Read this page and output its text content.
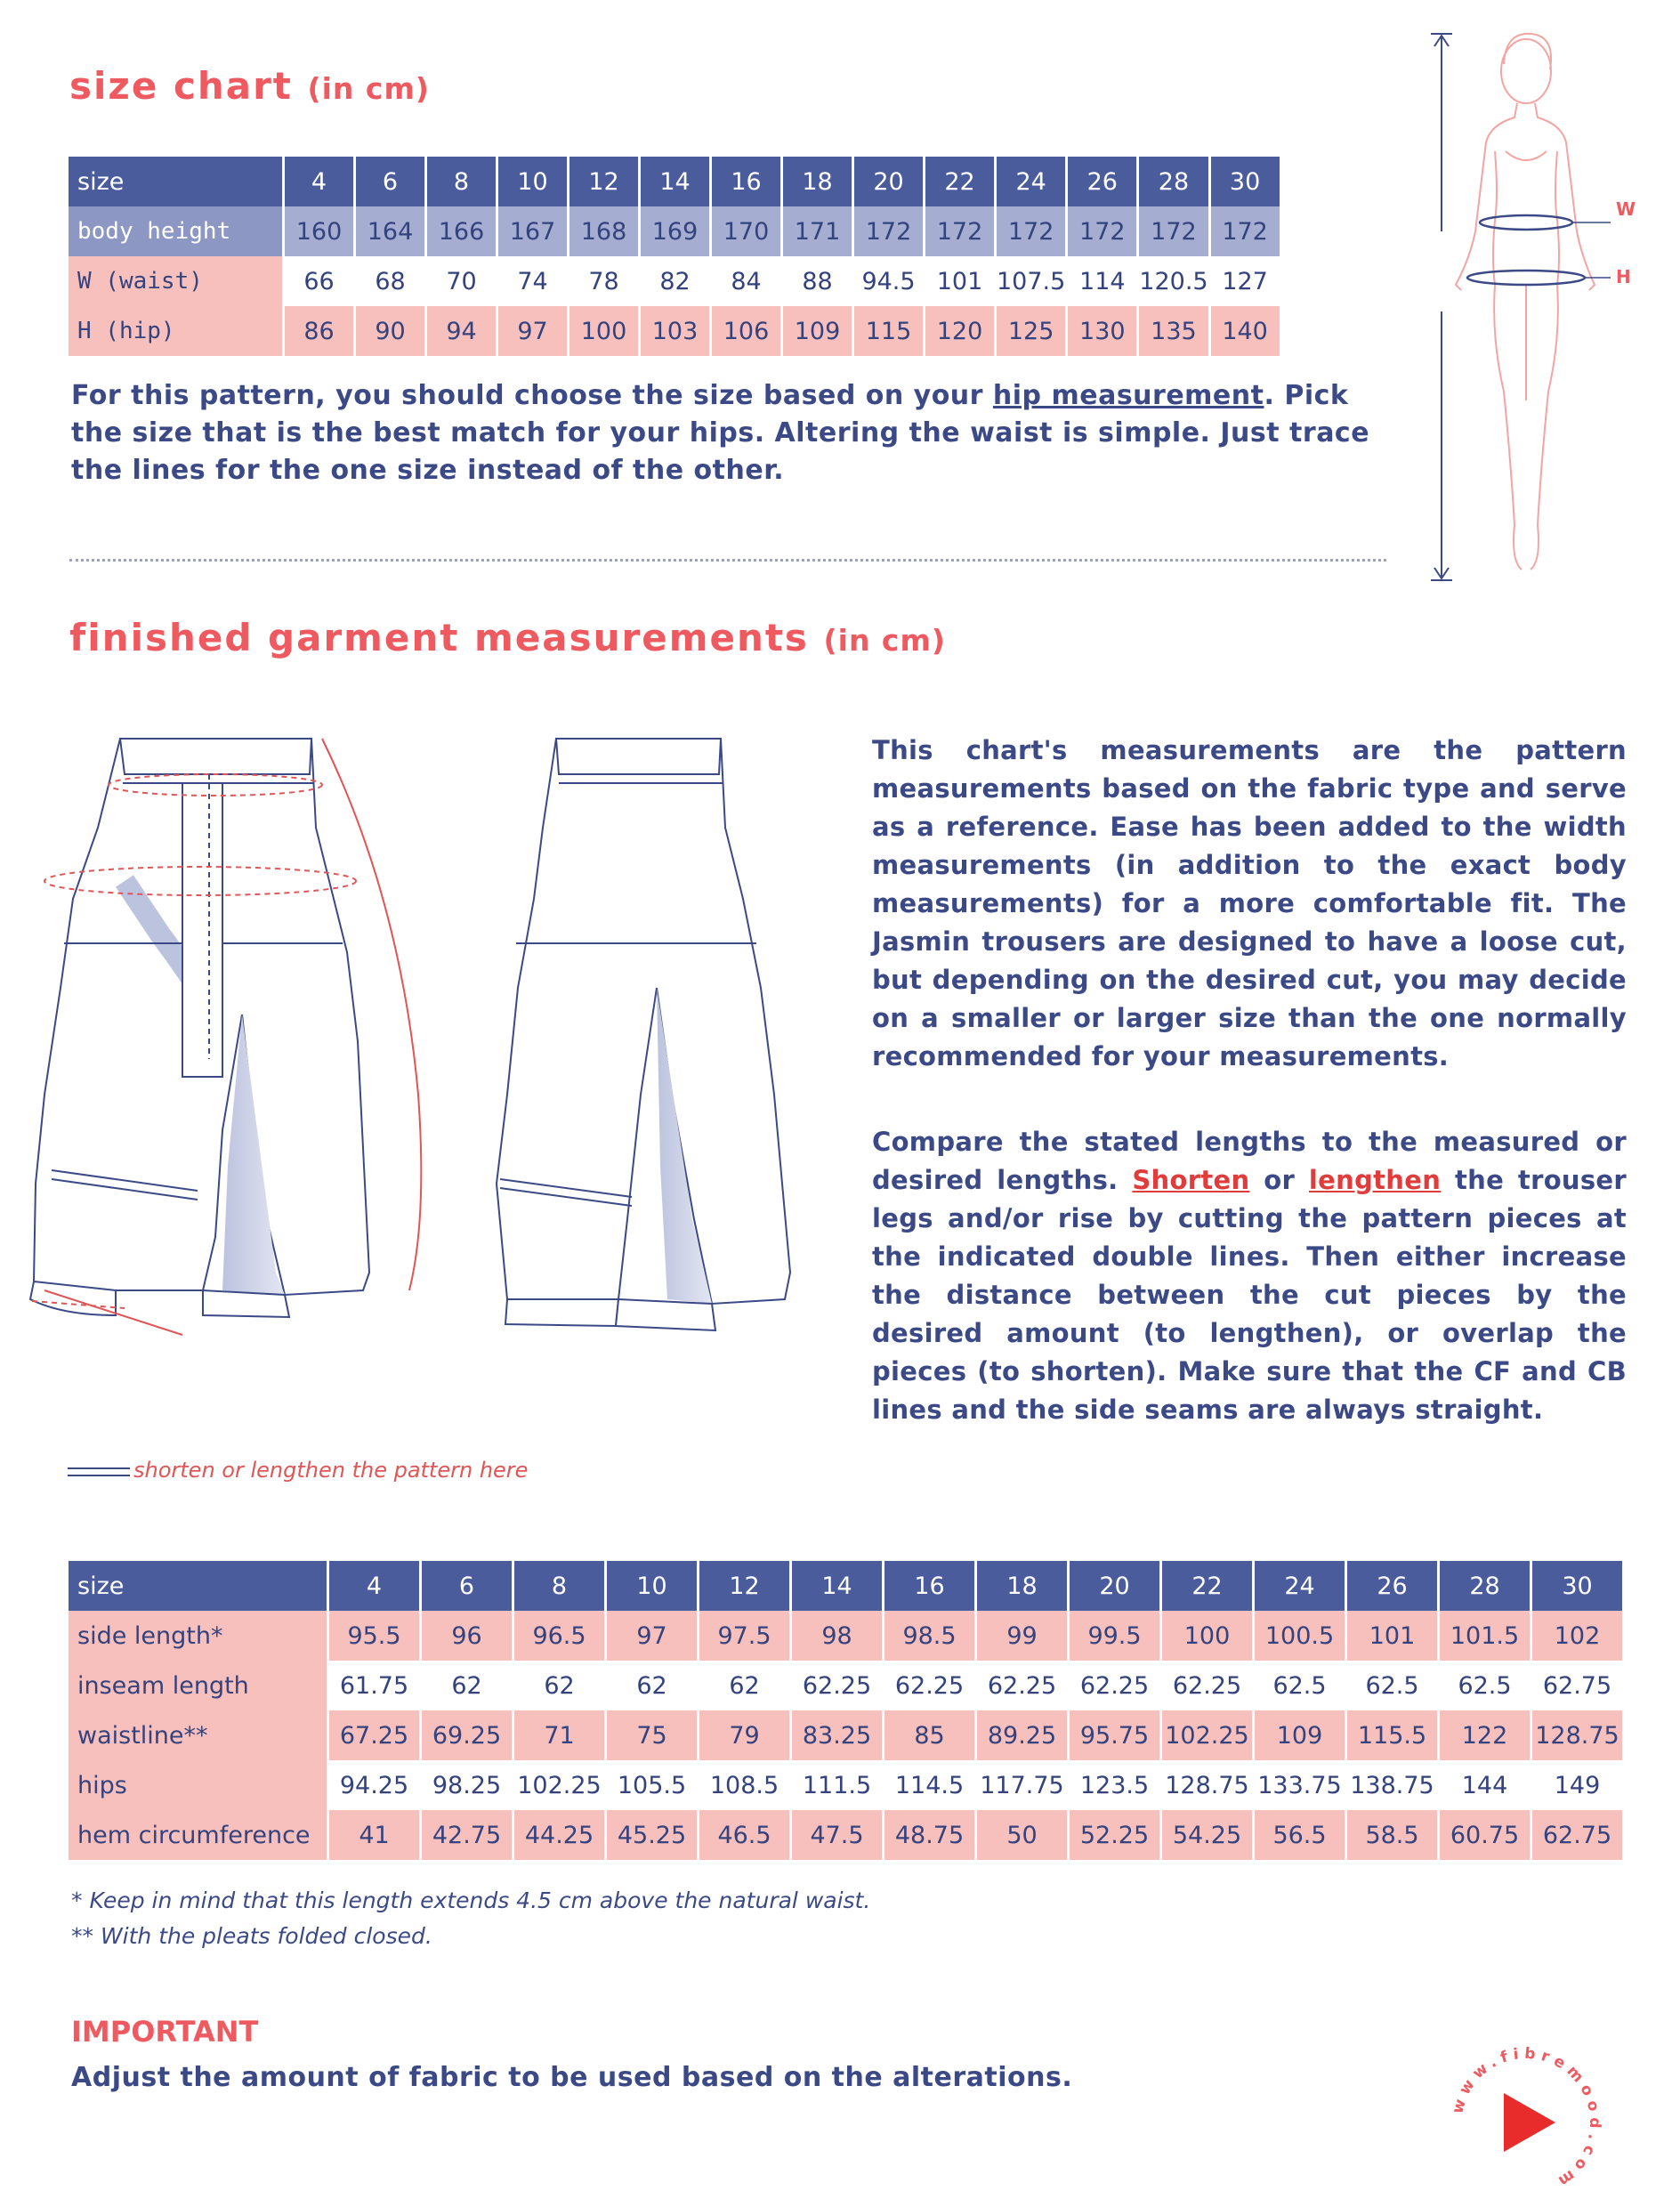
size chart (in cm)
size	4	6	8	10	12	14	16	18	20	22	24	26	28	30
body height	160	164	166	167	168	169	170	171	172	172	172	172	172	172
W (waist)	66	68	70	74	78	82	84	88	94.5	101	107.5	114	120.5	127
H (hip)	86	90	94	97	100	103	106	109	115	120	125	130	135	140
For this pattern, you should choose the size based on your hip measurement. Pick the size that is the best match for your hips. Altering the waist is simple. Just trace the lines for the one size instead of the other.
W
H
finished garment measurements (in cm)
This chart's measurements are the pattern measurements based on the fabric type and serve as a reference. Ease has been added to the width measurements (in addition to the exact body measurements) for a more comfortable fit. The Jasmin trousers are designed to have a loose cut, but depending on the desired cut, you may decide on a smaller or larger size than the one normally recommended for your measurements.
Compare the stated lengths to the measured or desired lengths. Shorten or lengthen the trouser legs and/or rise by cutting the pattern pieces at the indicated double lines. Then either increase the distance between the cut pieces by the desired amount (to lengthen), or overlap the pieces (to shorten). Make sure that the CF and CB lines and the side seams are always straight.
shorten or lengthen the pattern here
size	4	6	8	10	12	14	16	18	20	22	24	26	28	30
side length*	95.5	96	96.5	97	97.5	98	98.5	99	99.5	100	100.5	101	101.5	102
inseam length	61.75	62	62	62	62	62.25	62.25	62.25	62.25	62.25	62.5	62.5	62.5	62.75
waistline**	67.25	69.25	71	75	79	83.25	85	89.25	95.75	102.25	109	115.5	122	128.75
hips	94.25	98.25	102.25	105.5	108.5	111.5	114.5	117.75	123.5	128.75	133.75	138.75	144	149
hem circumference	41	42.75	44.25	45.25	46.5	47.5	48.75	50	52.25	54.25	56.5	58.5	60.75	62.75
* Keep in mind that this length extends 4.5 cm above the natural waist.
** With the pleats folded closed.
IMPORTANT
Adjust the amount of fabric to be used based on the alterations.
www.fibremood.com
